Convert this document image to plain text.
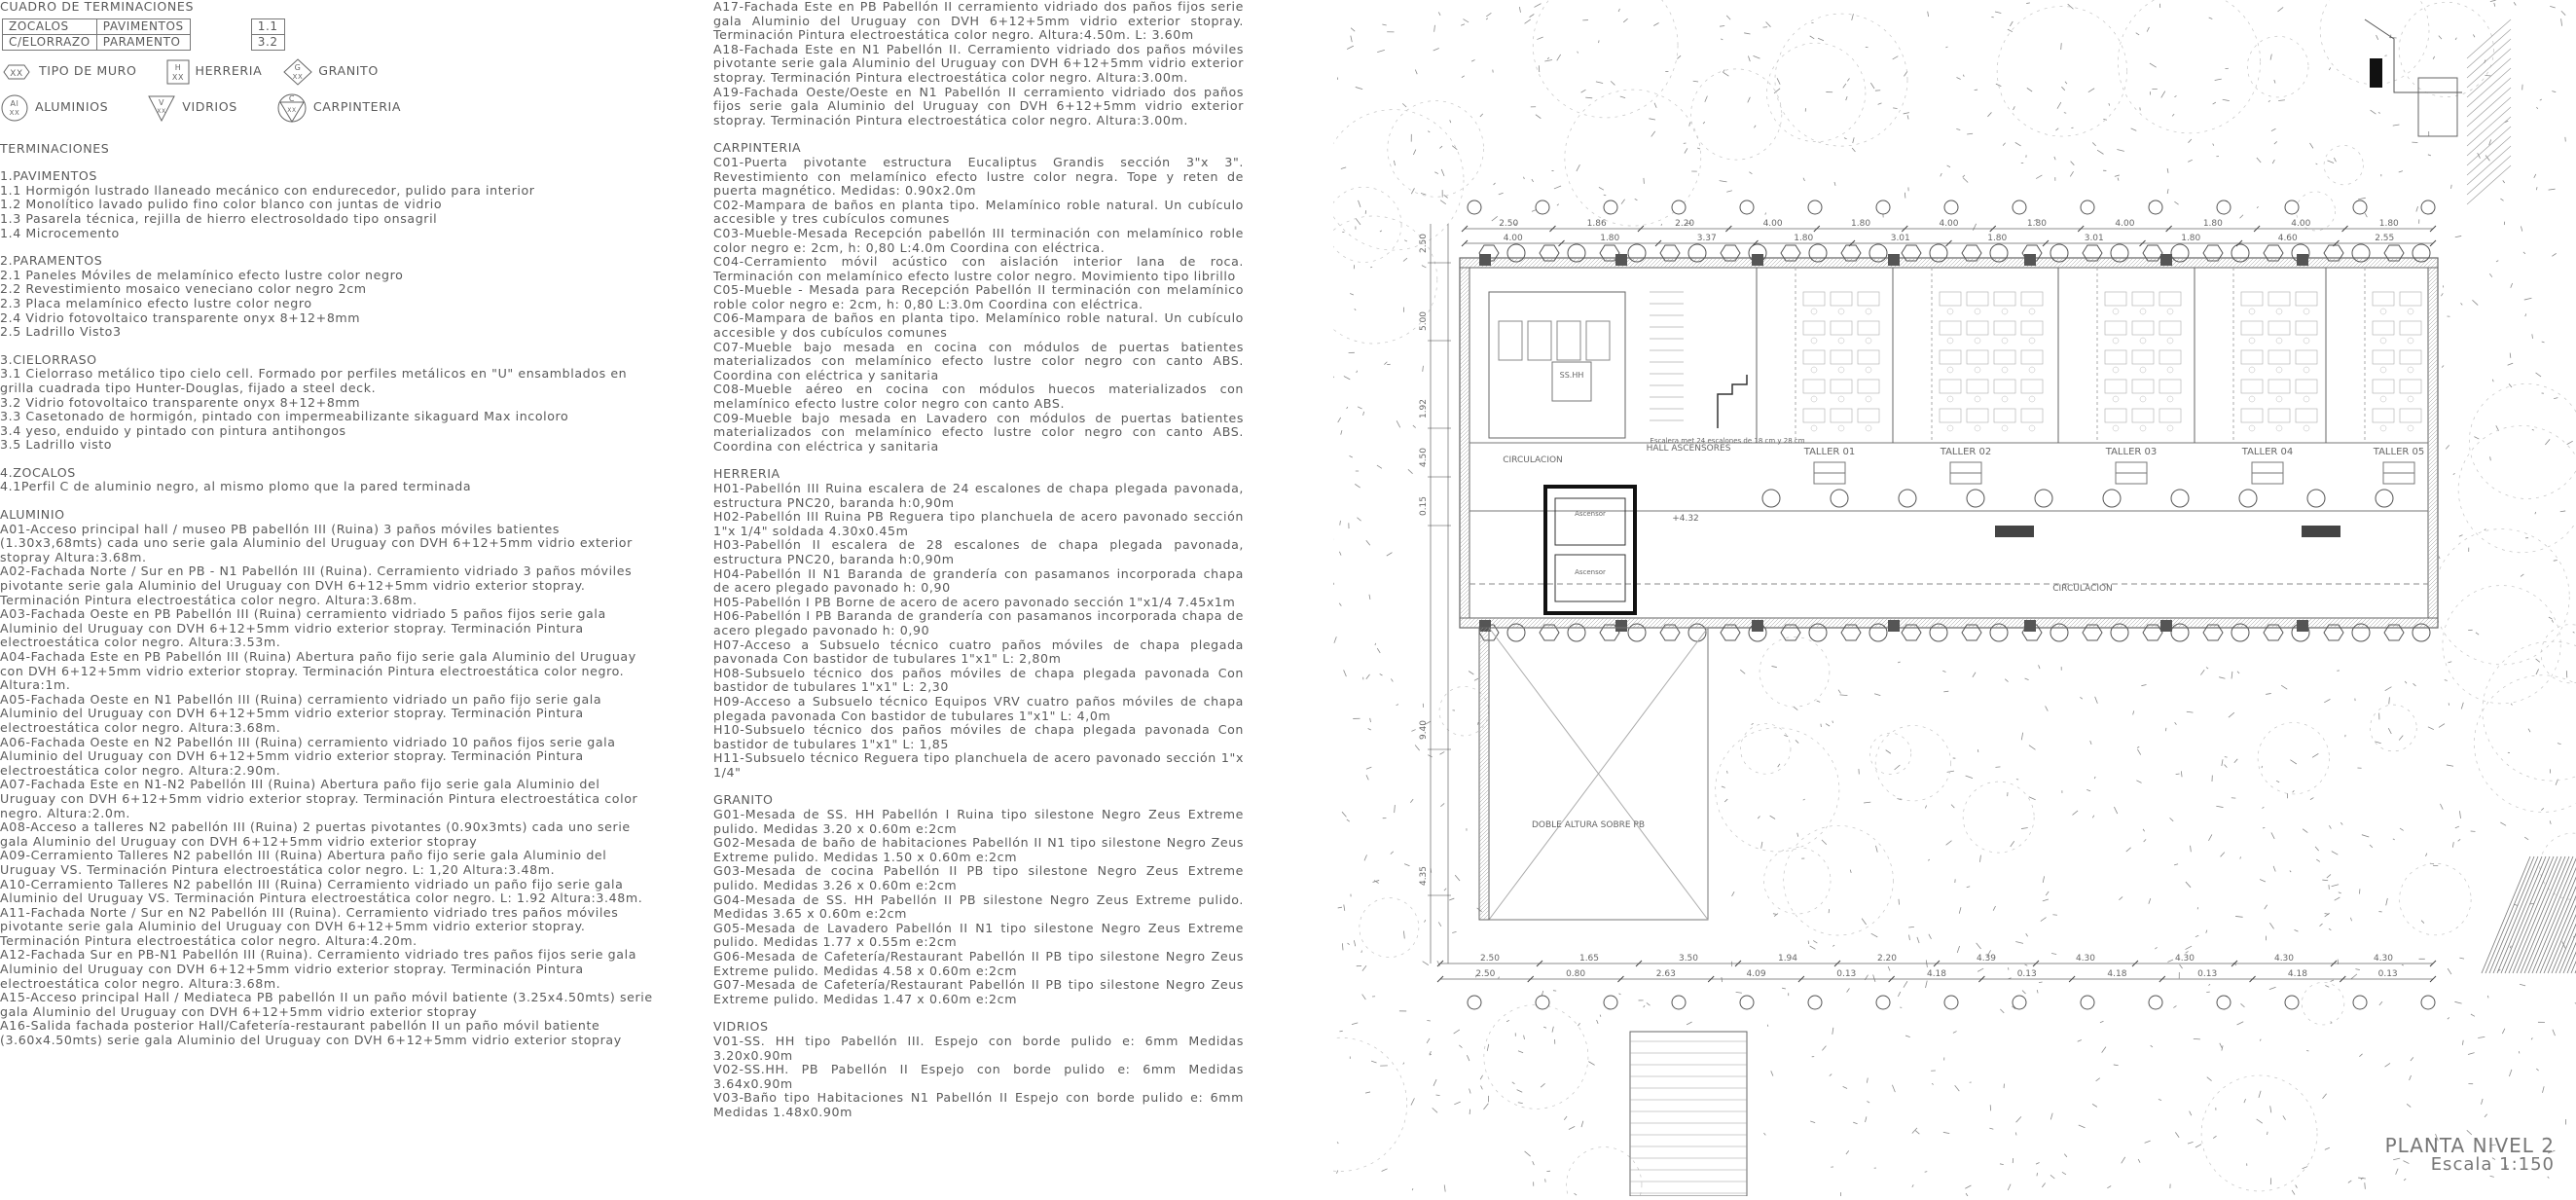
CUADRO DE TERMINACIONES
ZOCALOS	PAVIMENTOS
C/ELORRAZO	PARAMENTO
1.1
3.2
XX TIPO DE MURO	H
XX HERRERIA	G
XX GRANITO
Al
XX ALUMINIOS	V
XX VIDRIOS
C
XX CARPINTERIA

TERMINACIONES

1.PAVIMENTOS

1.1 Hormigón lustrado llaneado mecánico con endurecedor, pulido para interior

1.2 Monolítico lavado pulido fino color blanco con juntas de vidrio

1.3 Pasarela técnica, rejilla de hierro electrosoldado tipo onsagril

1.4 Microcemento

2.PARAMENTOS

2.1 Paneles Móviles de melamínico efecto lustre color negro

2.2 Revestimiento mosaico veneciano color negro 2cm

2.3 Placa melamínico efecto lustre color negro

2.4 Vidrio fotovoltaico transparente onyx 8+12+8mm

2.5 Ladrillo Visto3

3.CIELORRASO

3.1 Cielorraso metálico tipo cielo cell. Formado por perfiles metálicos en "U" ensamblados en grilla cuadrada tipo Hunter-Douglas, fijado a steel deck.

3.2 Vidrio fotovoltaico transparente onyx 8+12+8mm

3.3 Casetonado de hormigón, pintado con impermeabilizante sikaguard Max incoloro

3.4 yeso, enduido y pintado con pintura antihongos

3.5 Ladrillo visto

4.ZOCALOS

4.1Perfil C de aluminio negro, al mismo plomo que la pared terminada

ALUMINIO

A01-Acceso principal hall / museo PB pabellón III (Ruina) 3 paños móviles batientes (1.30x3,68mts) cada uno serie gala Aluminio del Uruguay con DVH 6+12+5mm vidrio exterior stopray Altura:3.68m.

A02-Fachada Norte / Sur en PB - N1 Pabellón III (Ruina). Cerramiento vidriado 3 paños móviles pivotante serie gala Aluminio del Uruguay con DVH 6+12+5mm vidrio exterior stopray. Terminación Pintura electroestática color negro. Altura:3.68m.

A03-Fachada Oeste en PB Pabellón III (Ruina) cerramiento vidriado 5 paños fijos serie gala Aluminio del Uruguay con DVH 6+12+5mm vidrio exterior stopray. Terminación Pintura electroestática color negro. Altura:3.53m.

A04-Fachada Este en PB Pabellón III (Ruina) Abertura paño fijo serie gala Aluminio del Uruguay con DVH 6+12+5mm vidrio exterior stopray. Terminación Pintura electroestática color negro. Altura:1m.

A05-Fachada Oeste en N1 Pabellón III (Ruina) cerramiento vidriado un paño fijo serie gala Aluminio del Uruguay con DVH 6+12+5mm vidrio exterior stopray. Terminación Pintura electroestática color negro. Altura:3.68m.

A06-Fachada Oeste en N2 Pabellón III (Ruina) cerramiento vidriado 10 paños fijos serie gala Aluminio del Uruguay con DVH 6+12+5mm vidrio exterior stopray. Terminación Pintura electroestática color negro. Altura:2.90m.

A07-Fachada Este en N1-N2 Pabellón III (Ruina) Abertura paño fijo serie gala Aluminio del Uruguay con DVH 6+12+5mm vidrio exterior stopray. Terminación Pintura electroestática color negro. Altura:2.0m.

A08-Acceso a talleres N2 pabellón III (Ruina) 2 puertas pivotantes (0.90x3mts) cada uno serie gala Aluminio del Uruguay con DVH 6+12+5mm vidrio exterior stopray

A09-Cerramiento Talleres N2 pabellón III (Ruina) Abertura paño fijo serie gala Aluminio del Uruguay VS. Terminación Pintura electroestática color negro. L: 1,20 Altura:3.48m.

A10-Cerramiento Talleres N2 pabellón III (Ruina) Cerramiento vidriado un paño fijo serie gala Aluminio del Uruguay VS. Terminación Pintura electroestática color negro. L: 1.92 Altura:3.48m.

A11-Fachada Norte / Sur en N2 Pabellón III (Ruina). Cerramiento vidriado tres paños móviles pivotante serie gala Aluminio del Uruguay con DVH 6+12+5mm vidrio exterior stopray. Terminación Pintura electroestática color negro. Altura:4.20m.

A12-Fachada Sur en PB-N1 Pabellón III (Ruina). Cerramiento vidriado tres paños fijos serie gala Aluminio del Uruguay con DVH 6+12+5mm vidrio exterior stopray. Terminación Pintura electroestática color negro. Altura:3.68m.

A15-Acceso principal Hall / Mediateca PB pabellón II un paño móvil batiente (3.25x4.50mts) serie gala Aluminio del Uruguay con DVH 6+12+5mm vidrio exterior stopray

A16-Salida fachada posterior Hall/Cafetería-restaurant pabellón II un paño móvil batiente (3.60x4.50mts) serie gala Aluminio del Uruguay con DVH 6+12+5mm vidrio exterior stopray

A17-Fachada Este en PB Pabellón II cerramiento vidriado dos paños fijos serie gala Aluminio del Uruguay con DVH 6+12+5mm vidrio exterior stopray. Terminación Pintura electroestática color negro. Altura:4.50m. L: 3.60m

A18-Fachada Este en N1 Pabellón II. Cerramiento vidriado dos paños móviles pivotante serie gala Aluminio del Uruguay con DVH 6+12+5mm vidrio exterior stopray. Terminación Pintura electroestática color negro. Altura:3.00m.

A19-Fachada Oeste/Oeste en N1 Pabellón II cerramiento vidriado dos paños fijos serie gala Aluminio del Uruguay con DVH 6+12+5mm vidrio exterior stopray. Terminación Pintura electroestática color negro. Altura:3.00m.

CARPINTERIA

C01-Puerta pivotante estructura Eucaliptus Grandis sección 3"x 3". Revestimiento con melamínico efecto lustre color negra. Tope y reten de puerta magnético. Medidas: 0.90x2.0m

C02-Mampara de baños en planta tipo. Melamínico roble natural. Un cubículo accesible y tres cubículos comunes

C03-Mueble-Mesada Recepción pabellón III terminación con melamínico roble color negro e: 2cm, h: 0,80 L:4.0m Coordina con eléctrica.

C04-Cerramiento móvil acústico con aislación interior lana de roca. Terminación con melamínico efecto lustre color negro. Movimiento tipo librillo

C05-Mueble - Mesada para Recepción Pabellón II terminación con melamínico roble color negro e: 2cm, h: 0,80 L:3.0m Coordina con eléctrica.

C06-Mampara de baños en planta tipo. Melamínico roble natural. Un cubículo accesible y dos cubículos comunes

C07-Mueble bajo mesada en cocina con módulos de puertas batientes materializados con melamínico efecto lustre color negro con canto ABS. Coordina con eléctrica y sanitaria

C08-Mueble aéreo en cocina con módulos huecos materializados con melamínico efecto lustre color negro con canto ABS.

C09-Mueble bajo mesada en Lavadero con módulos de puertas batientes materializados con melamínico efecto lustre color negro con canto ABS. Coordina con eléctrica y sanitaria

HERRERIA

H01-Pabellón III Ruina escalera de 24 escalones de chapa plegada pavonada, estructura PNC20, baranda h:0,90m

H02-Pabellón III Ruina PB Reguera tipo planchuela de acero pavonado sección 1"x 1/4" soldada 4.30x0.45m

H03-Pabellón II escalera de 28 escalones de chapa plegada pavonada, estructura PNC20, baranda h:0,90m

H04-Pabellón II N1 Baranda de grandería con pasamanos incorporada chapa de acero plegado pavonado h: 0,90

H05-Pabellón I PB Borne de acero de acero pavonado sección 1"x1/4 7.45x1m

H06-Pabellón I PB Baranda de grandería con pasamanos incorporada chapa de acero plegado pavonado h: 0,90

H07-Acceso a Subsuelo técnico cuatro paños móviles de chapa plegada pavonada Con bastidor de tubulares 1"x1" L: 2,80m

H08-Subsuelo técnico dos paños móviles de chapa plegada pavonada Con bastidor de tubulares 1"x1" L: 2,30

H09-Acceso a Subsuelo técnico Equipos VRV cuatro paños móviles de chapa plegada pavonada Con bastidor de tubulares 1"x1" L: 4,0m

H10-Subsuelo técnico dos paños móviles de chapa plegada pavonada Con bastidor de tubulares 1"x1" L: 1,85

H11-Subsuelo técnico Reguera tipo planchuela de acero pavonado sección 1"x 1/4"

GRANITO

G01-Mesada de SS. HH Pabellón I Ruina tipo silestone Negro Zeus Extreme pulido. Medidas 3.20 x 0.60m e:2cm

G02-Mesada de baño de habitaciones Pabellón II N1 tipo silestone Negro Zeus Extreme pulido. Medidas 1.50 x 0.60m e:2cm

G03-Mesada de cocina Pabellón II PB tipo silestone Negro Zeus Extreme pulido. Medidas 3.26 x 0.60m e:2cm

G04-Mesada de SS. HH Pabellón II PB silestone Negro Zeus Extreme pulido. Medidas 3.65 x 0.60m e:2cm

G05-Mesada de Lavadero Pabellón II N1 tipo silestone Negro Zeus Extreme pulido. Medidas 1.77 x 0.55m e:2cm

G06-Mesada de Cafetería/Restaurant Pabellón II PB tipo silestone Negro Zeus Extreme pulido. Medidas 4.58 x 0.60m e:2cm

G07-Mesada de Cafetería/Restaurant Pabellón II PB tipo silestone Negro Zeus Extreme pulido. Medidas 1.47 x 0.60m e:2cm

VIDRIOS

V01-SS. HH tipo Pabellón III. Espejo con borde pulido e: 6mm Medidas 3.20x0.90m

V02-SS.HH. PB Pabellón II Espejo con borde pulido e: 6mm Medidas 3.64x0.90m

V03-Baño tipo Habitaciones N1 Pabellón II Espejo con borde pulido e: 6mm Medidas 1.48x0.90m

SS.HH
Escalera met 24 escalones de 18 cm y 28 cm
CIRCULACION
CIRCULACION
Ascensor
Ascensor
HALL ASCENSORES
+4.32
TALLER 01	TALLER 02	TALLER 03	TALLER 04	TALLER 05
DOBLE ALTURA SOBRE PB
2.50	1.86	2.20	4.00	1.80	4.00	1.80	4.00	1.80	4.00	1.80
4.00	1.80	3.37	1.80	3.01	1.80	3.01	1.80	4.60	2.55
2.50	1.65	3.50	1.94	2.20	4.39	4.30	4.30	4.30	4.30
2.50	0.80	2.63	4.09	0.13	4.18	0.13	4.18	0.13	4.18	0.13
2.50
5.00
1.92
4.50
0.15
9.40
4.35
PLANTA NIVEL 2
Escala 1:150
